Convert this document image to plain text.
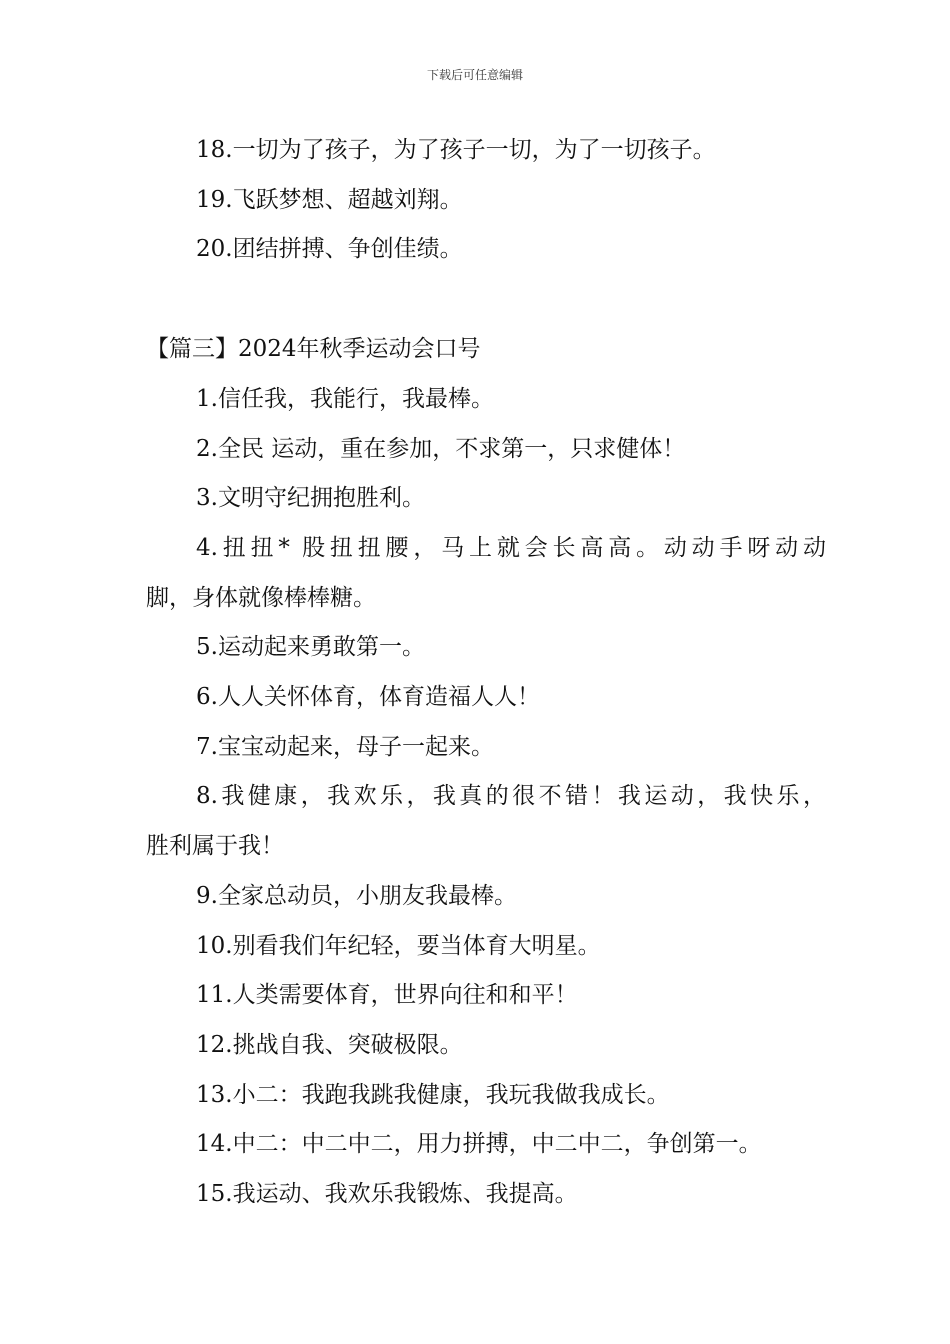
下载后可任意编辑

18.一切为了孩子，为了孩子一切，为了一切孩子。

19.飞跃梦想、超越刘翔。

20.团结拼搏、争创佳绩。

【篇三】2024年秋季运动会口号

1.信任我，我能行，我最棒。

2.全民 运动，重在参加，不求第一，只求健体！

3.文明守纪拥抱胜利。

4.扭扭* 股扭扭腰，马上就会长高高。动动手呀动动

脚，身体就像棒棒糖。

5.运动起来勇敢第一。

6.人人关怀体育，体育造福人人！

7.宝宝动起来，母子一起来。

8.我健康，我欢乐，我真的很不错！我运动，我快乐，

胜利属于我！

9.全家总动员，小朋友我最棒。

10.别看我们年纪轻，要当体育大明星。

11.人类需要体育，世界向往和和平！

12.挑战自我、突破极限。

13.小二：我跑我跳我健康，我玩我做我成长。

14.中二：中二中二，用力拼搏，中二中二，争创第一。

15.我运动、我欢乐我锻炼、我提高。
